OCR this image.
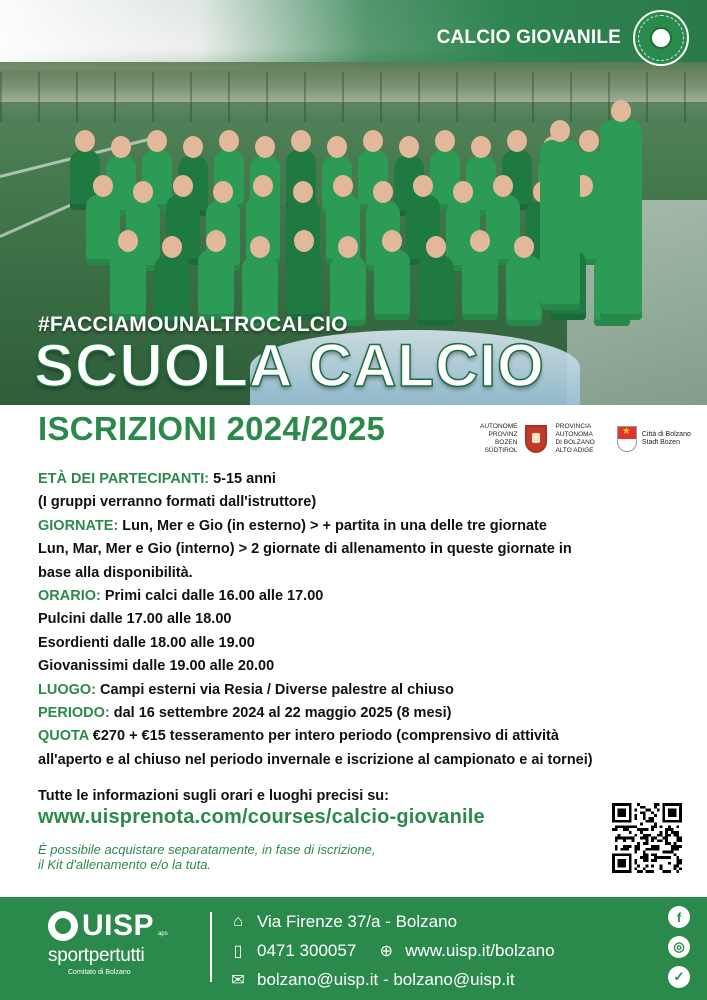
CALCIO GIOVANILE
#FACCIAMOUNALTROCALCIO
SCUOLA CALCIO
ISCRIZIONI 2024/2025	AUTONOME
PROVINZ
BOZEN
SÜDTIROL
PROVINCIA
AUTONOMA
DI BOLZANO
ALTO ADIGE
★
Città di Bolzano
Stadt Bozen
ETÀ DEI PARTECIPANTI: 5-15 anni
(I gruppi verranno formati dall'istruttore)
GIORNATE: Lun, Mer e Gio (in esterno) > + partita in una delle tre giornate
Lun, Mar, Mer e Gio (interno) > 2 giornate di allenamento in queste giornate in
base alla disponibilità.
ORARIO: Primi calci dalle 16.00 alle 17.00
Pulcini dalle 17.00 alle 18.00
Esordienti dalle 18.00 alle 19.00
Giovanissimi dalle 19.00 alle 20.00
LUOGO: Campi esterni via Resia / Diverse palestre al chiuso
PERIODO: dal 16 settembre 2024 al 22 maggio 2025 (8 mesi)
QUOTA €270 + €15 tesseramento per intero periodo (comprensivo di attività
all'aperto e al chiuso nel periodo invernale e iscrizione al campionato e ai tornei)
Tutte le informazioni sugli orari e luoghi precisi su:
www.uisprenota.com/courses/calcio-giovanile
È possibile acquistare separatamente, in fase di iscrizione,
il Kit d'allenamento e/o la tuta.
UISP aps
sportpertutti
Comitato di Bolzano
⌂ Via Firenze 37/a - Bolzano
▯ 0471 300057 ⊕ www.uisp.it/bolzano
✉ bolzano@uisp.it - bolzano@uisp.it
f
◎
✓
